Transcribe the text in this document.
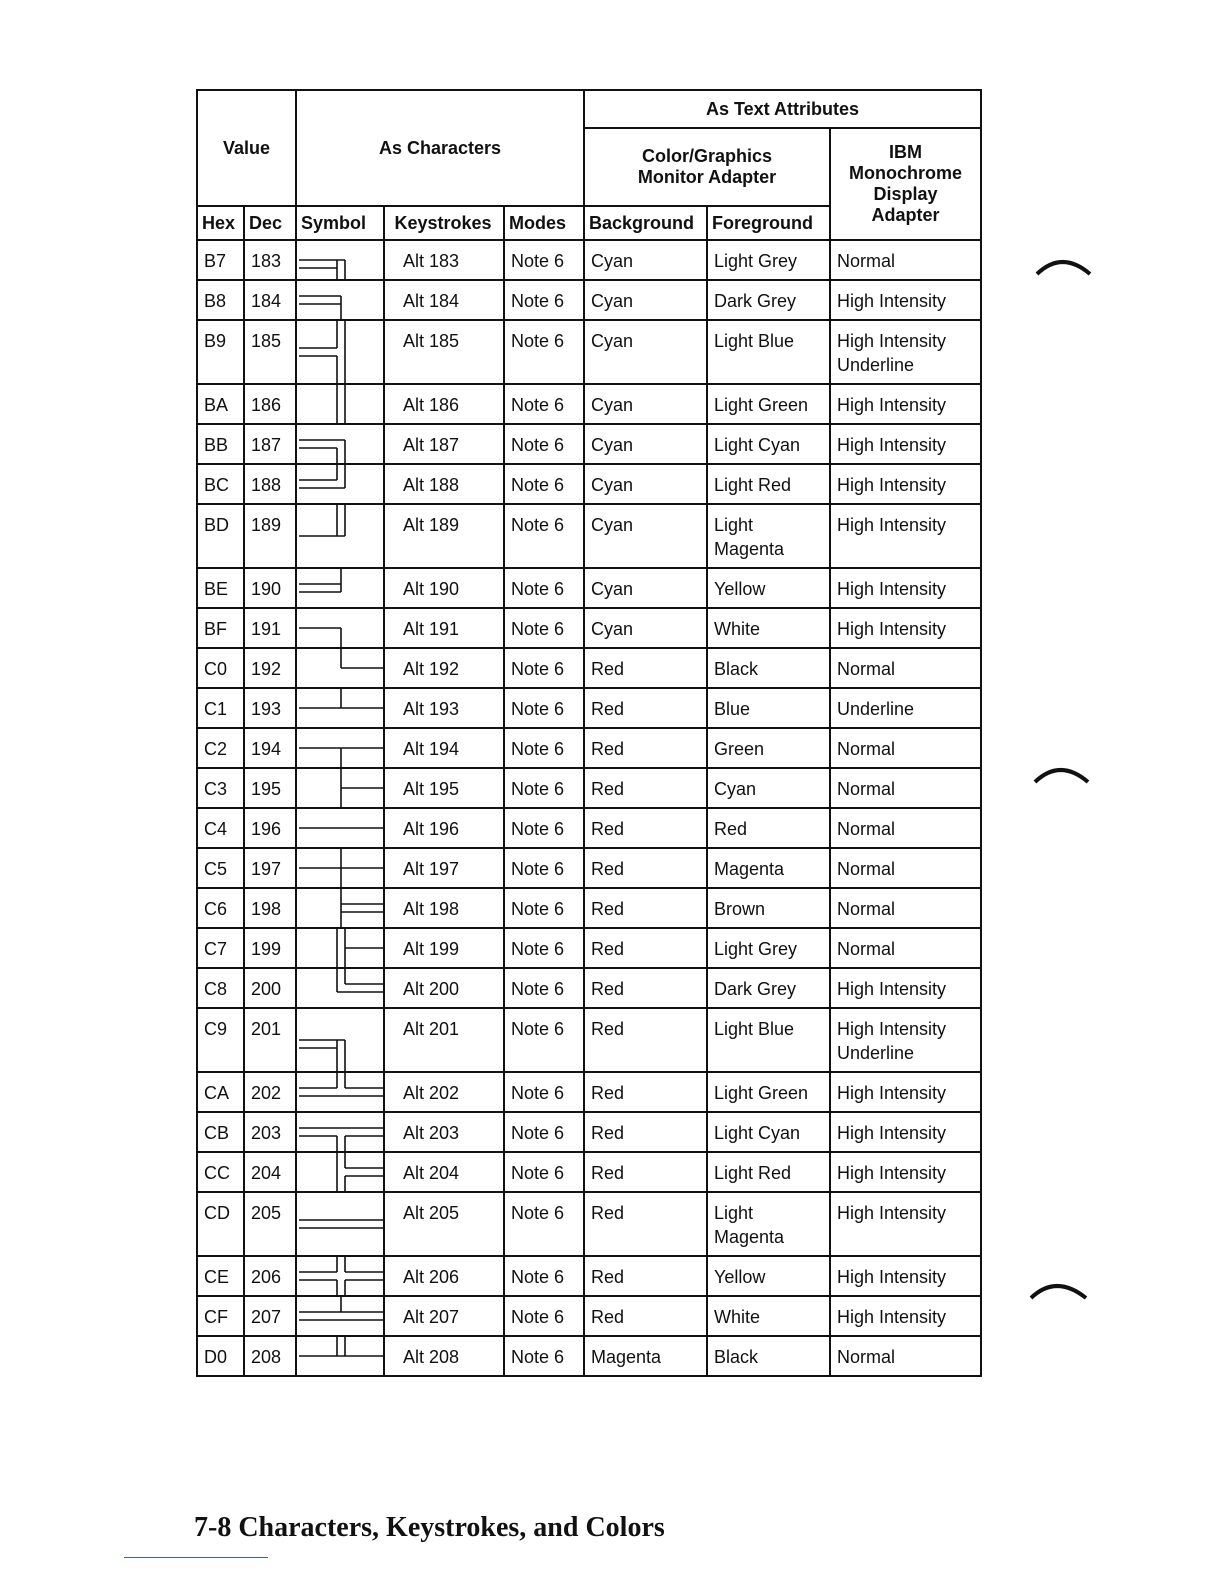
Value		As Characters			As Text Attributes		
					Color/Graphics Monitor Adapter		IBM Monochrome Display Adapter
Hex	Dec	Symbol	Keystrokes	Modes	Background	Foreground	
B7	183		Alt 183	Note 6	Cyan	Light Grey	Normal
B8	184		Alt 184	Note 6	Cyan	Dark Grey	High Intensity
B9	185		Alt 185	Note 6	Cyan	Light Blue	High Intensity Underline
BA	186		Alt 186	Note 6	Cyan	Light Green	High Intensity
BB	187		Alt 187	Note 6	Cyan	Light Cyan	High Intensity
BC	188		Alt 188	Note 6	Cyan	Light Red	High Intensity
BD	189		Alt 189	Note 6	Cyan	Light Magenta	High Intensity
BE	190		Alt 190	Note 6	Cyan	Yellow	High Intensity
BF	191		Alt 191	Note 6	Cyan	White	High Intensity
C0	192		Alt 192	Note 6	Red	Black	Normal
C1	193		Alt 193	Note 6	Red	Blue	Underline
C2	194		Alt 194	Note 6	Red	Green	Normal
C3	195		Alt 195	Note 6	Red	Cyan	Normal
C4	196		Alt 196	Note 6	Red	Red	Normal
C5	197		Alt 197	Note 6	Red	Magenta	Normal
C6	198		Alt 198	Note 6	Red	Brown	Normal
C7	199		Alt 199	Note 6	Red	Light Grey	Normal
C8	200		Alt 200	Note 6	Red	Dark Grey	High Intensity
C9	201		Alt 201	Note 6	Red	Light Blue	High Intensity Underline
CA	202		Alt 202	Note 6	Red	Light Green	High Intensity
CB	203		Alt 203	Note 6	Red	Light Cyan	High Intensity
CC	204		Alt 204	Note 6	Red	Light Red	High Intensity
CD	205		Alt 205	Note 6	Red	Light Magenta	High Intensity
CE	206		Alt 206	Note 6	Red	Yellow	High Intensity
CF	207		Alt 207	Note 6	Red	White	High Intensity
D0	208		Alt 208	Note 6	Magenta	Black	Normal
7-8 Characters, Keystrokes, and Colors
